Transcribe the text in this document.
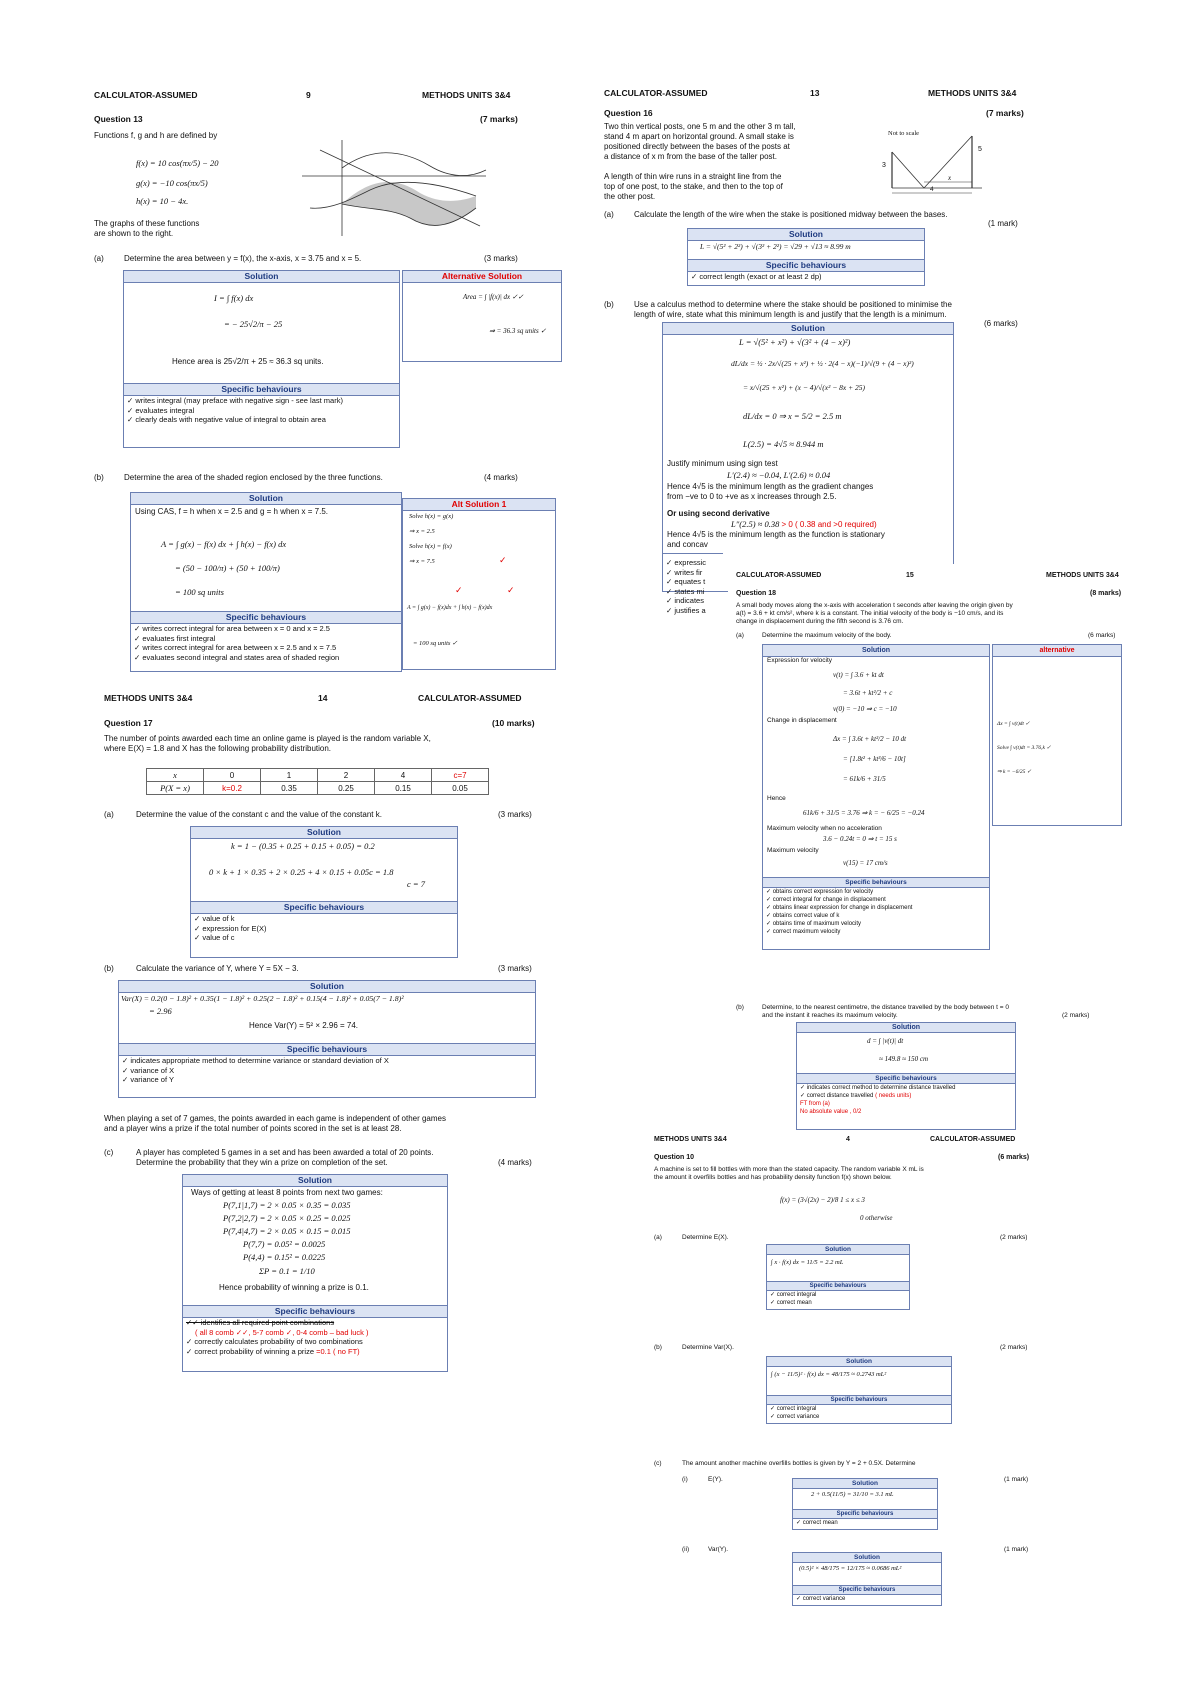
CALCULATOR-ASSUMED	9	METHODS UNITS 3&4
Question 13	(7 marks)
Functions f, g and h are defined by
f(x) = 10 cos(πx/5) − 20
g(x) = −10 cos(πx/5)
h(x) = 10 − 4x.
The graphs of these functions
are shown to the right.
(a)	Determine the area between y = f(x), the x-axis, x = 3.75 and x = 5.	(3 marks)
Solution
I = ∫ f(x) dx
= − 25√2/π − 25
Hence area is 25√2/π + 25 ≈ 36.3 sq units.
Specific behaviours
✓ writes integral (may preface with negative sign - see last mark)
✓ evaluates integral
✓ clearly deals with negative value of integral to obtain area
Alternative Solution
Area = ∫ |f(x)| dx ✓✓
⇒ = 36.3 sq units ✓
(b)	Determine the area of the shaded region enclosed by the three functions.	(4 marks)
Solution
Using CAS, f = h when x = 2.5 and g = h when x = 7.5.
A = ∫ g(x) − f(x) dx + ∫ h(x) − f(x) dx
= (50 − 100/π) + (50 + 100/π)
= 100 sq units
Specific behaviours
✓ writes correct integral for area between x = 0 and x = 2.5
✓ evaluates first integral
✓ writes correct integral for area between x = 2.5 and x = 7.5
✓ evaluates second integral and states area of shaded region
Alt Solution 1
Solve h(x) = g(x)
⇒ x = 2.5
Solve h(x) = f(x)
⇒ x = 7.5	✓
✓	✓
A = ∫ g(x) − f(x)dx + ∫ h(x) − f(x)dx
= 100 sq units ✓
METHODS UNITS 3&4	14	CALCULATOR-ASSUMED
Question 17	(10 marks)
The number of points awarded each time an online game is played is the random variable X,
where E(X) = 1.8 and X has the following probability distribution.
x	0	1	2	4	c=7
P(X = x)	k=0.2	0.35	0.25	0.15	0.05
(a)	Determine the value of the constant c and the value of the constant k.	(3 marks)
Solution
k = 1 − (0.35 + 0.25 + 0.15 + 0.05) = 0.2
0 × k + 1 × 0.35 + 2 × 0.25 + 4 × 0.15 + 0.05c = 1.8
c = 7
Specific behaviours
✓ value of k
✓ expression for E(X)
✓ value of c
(b)	Calculate the variance of Y, where Y = 5X − 3.	(3 marks)
Solution
Var(X) = 0.2(0 − 1.8)² + 0.35(1 − 1.8)² + 0.25(2 − 1.8)² + 0.15(4 − 1.8)² + 0.05(7 − 1.8)²
= 2.96
Hence Var(Y) = 5² × 2.96 = 74.
Specific behaviours
✓ indicates appropriate method to determine variance or standard deviation of X
✓ variance of X
✓ variance of Y
When playing a set of 7 games, the points awarded in each game is independent of other games
and a player wins a prize if the total number of points scored in the set is at least 28.
(c)	A player has completed 5 games in a set and has been awarded a total of 20 points.
Determine the probability that they win a prize on completion of the set.	(4 marks)
Solution
Ways of getting at least 8 points from next two games:
P(7,1|1,7) = 2 × 0.05 × 0.35 = 0.035
P(7,2|2,7) = 2 × 0.05 × 0.25 = 0.025
P(7,4|4,7) = 2 × 0.05 × 0.15 = 0.015
P(7,7) = 0.05² = 0.0025
P(4,4) = 0.15² = 0.0225
ΣP = 0.1 = 1/10
Hence probability of winning a prize is 0.1.
Specific behaviours
✓✓ identifies all required point combinations
( all 8 comb ✓✓, 5-7 comb ✓, 0-4 comb – bad luck )
✓ correctly calculates probability of two combinations
✓ correct probability of winning a prize =0.1 ( no FT)
CALCULATOR-ASSUMED	13	METHODS UNITS 3&4
Question 16	(7 marks)
Two thin vertical posts, one 5 m and the other 3 m tall,
stand 4 m apart on horizontal ground. A small stake is
positioned directly between the bases of the posts at
a distance of x m from the base of the taller post.
A length of thin wire runs in a straight line from the
top of one post, to the stake, and then to the top of
the other post.
Not to scale
3
5
x
4
(a)	Calculate the length of the wire when the stake is positioned midway between the bases.
(1 mark)
Solution
L = √(5² + 2²) + √(3² + 2²) = √29 + √13 ≈ 8.99 m
Specific behaviours
✓ correct length (exact or at least 2 dp)
(b)	Use a calculus method to determine where the stake should be positioned to minimise the
length of wire, state what this minimum length is and justify that the length is a minimum.
(6 marks)
Solution
L = √(5² + x²) + √(3² + (4 − x)²)
dL/dx = ½ · 2x/√(25 + x²) + ½ · 2(4 − x)(−1)/√(9 + (4 − x)²)
= x/√(25 + x²) + (x − 4)/√(x² − 8x + 25)
dL/dx = 0 ⇒ x = 5/2 = 2.5 m
L(2.5) = 4√5 ≈ 8.944 m
Justify minimum using sign test
L′(2.4) ≈ −0.04, L′(2.6) ≈ 0.04
Hence 4√5 is the minimum length as the gradient changes
from −ve to 0 to +ve as x increases through 2.5.
Or using second derivative
L″(2.5) ≈ 0.38 > 0 ( 0.38 and >0 required)
Hence 4√5 is the minimum length as the function is stationary
and concav
✓ expressic
✓ writes fir
✓ equates t
✓ states mi
✓ indicates
✓ justifies a
CALCULATOR-ASSUMED	15	METHODS UNITS 3&4
Question 18	(8 marks)
A small body moves along the x-axis with acceleration t seconds after leaving the origin given by
a(t) = 3.6 + kt cm/s², where k is a constant. The initial velocity of the body is −10 cm/s, and its
change in displacement during the fifth second is 3.76 cm.
(a)	Determine the maximum velocity of the body.	(6 marks)
Solution
Expression for velocity
v(t) = ∫ 3.6 + kt dt
= 3.6t + kt²/2 + c
v(0) = −10 ⇒ c = −10
Change in displacement
Δx = ∫ 3.6t + kt²/2 − 10 dt
= [1.8t² + kt³/6 − 10t]
= 61k/6 + 31/5
Hence
61k/6 + 31/5 = 3.76 ⇒ k = − 6/25 = −0.24
Maximum velocity when no acceleration
3.6 − 0.24t = 0 ⇒ t = 15 s
Maximum velocity
v(15) = 17 cm/s
Specific behaviours
✓ obtains correct expression for velocity
✓ correct integral for change in displacement
✓ obtains linear expression for change in displacement
✓ obtains correct value of k
✓ obtains time of maximum velocity
✓ correct maximum velocity
alternative
Δx = ∫ v(t)dt ✓
Solve ∫ v(t)dt = 3.76,k ✓
⇒ k = −6/25 ✓
(b)	Determine, to the nearest centimetre, the distance travelled by the body between t = 0
and the instant it reaches its maximum velocity.	(2 marks)
Solution
d = ∫ |v(t)| dt
≈ 149.8 ≈ 150 cm
Specific behaviours
✓ indicates correct method to determine distance travelled
✓ correct distance travelled ( needs units)
FT from (a)
No absolute value , 0/2
METHODS UNITS 3&4	4	CALCULATOR-ASSUMED
Question 10	(6 marks)
A machine is set to fill bottles with more than the stated capacity. The random variable X mL is
the amount it overfills bottles and has probability density function f(x) shown below.
f(x) = (3√(2x) − 2)/8 1 ≤ x ≤ 3
0 otherwise
(a)	Determine E(X).	(2 marks)
Solution
∫ x · f(x) dx = 11/5 = 2.2 mL
Specific behaviours
✓ correct integral
✓ correct mean
(b)	Determine Var(X).	(2 marks)
Solution
∫ (x − 11/5)² · f(x) dx = 48/175 ≈ 0.2743 mL²
Specific behaviours
✓ correct integral
✓ correct variance
(c)	The amount another machine overfills bottles is given by Y = 2 + 0.5X. Determine
(i)	E(Y).	(1 mark)
Solution
2 + 0.5(11/5) = 31/10 = 3.1 mL
Specific behaviours
✓ correct mean
(ii)	Var(Y).	(1 mark)
Solution
(0.5)² × 48/175 = 12/175 ≈ 0.0686 mL²
Specific behaviours
✓ correct variance
